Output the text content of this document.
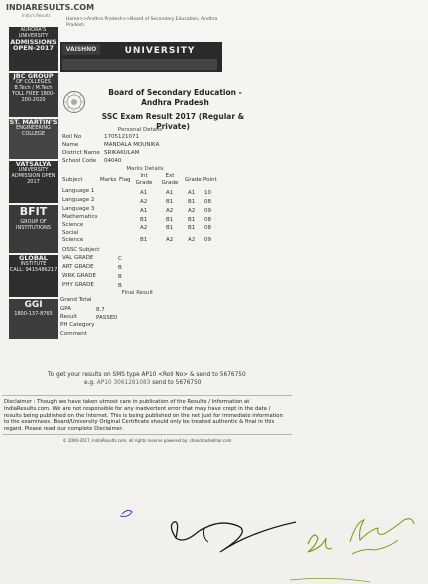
INDIARESULTS.COM
India's Results
AURORA'S
UNIVERSITY
ADMISSIONS
OPEN-2017
JBC GROUP
OF COLLEGES
B.Tech / M.Tech
TOLL FREE 1800-200-2020
ST. MARTIN'S
ENGINEERING COLLEGE
VATSALYA
UNIVERSITY
ADMISSION OPEN 2017
BFIT
GROUP OF INSTITUTIONS
GLOBAL
INSTITUTE
CALL: 9415486217
GGI
1800-137-8765
Home>>Andhra Pradesh>>Board of Secondary Education, Andhra Pradesh
VAISHNO	UNIVERSITY
Board of Secondary Education - Andhra Pradesh
SSC Exam Result 2017 (Regular & Private)
Personal Details
Roll No	1705121071
Name	MANDALA MOUNIKA
District Name SRIKAKULAM
School Code 04040
Marks Details
Subject	Marks Flag
Int Grade
Ext Grade Grade Point
Language 1	A1	A1	A1 10
Language 2	A2	B1	B1 08
Language 3	A1	A2	A2 09
Mathematics	B1	B1	B1 08
Science	A2	B1	B1 08
Social Science	B1	A2	A2 09
OSSC Subject
VAL GRADE	C
ART GRADE	B
WRK GRADE	B
PHY GRADE	B
Final Result
Grand Total
GPA	8.7
Result	PASSED
PH Category
Comment
To get your results on SMS type AP10 <Roll No> & send to 5676750
e.g. AP10 3061281083 send to 5676750
Disclaimer : Though we have taken utmost care in publication of the Results / Information at IndiaResults.com. We are not responsible for any inadvertent error that may have crept in the data / results being published on the Internet. This is being published on the net just for immediate information to the examinees. Board/University Original Certificate should only be treated authentic & final in this regard. Please read our complete Disclaimer.
© 2000-2017, IndiaResults.com, all rights reserve powered by: chandrashekhar.com
